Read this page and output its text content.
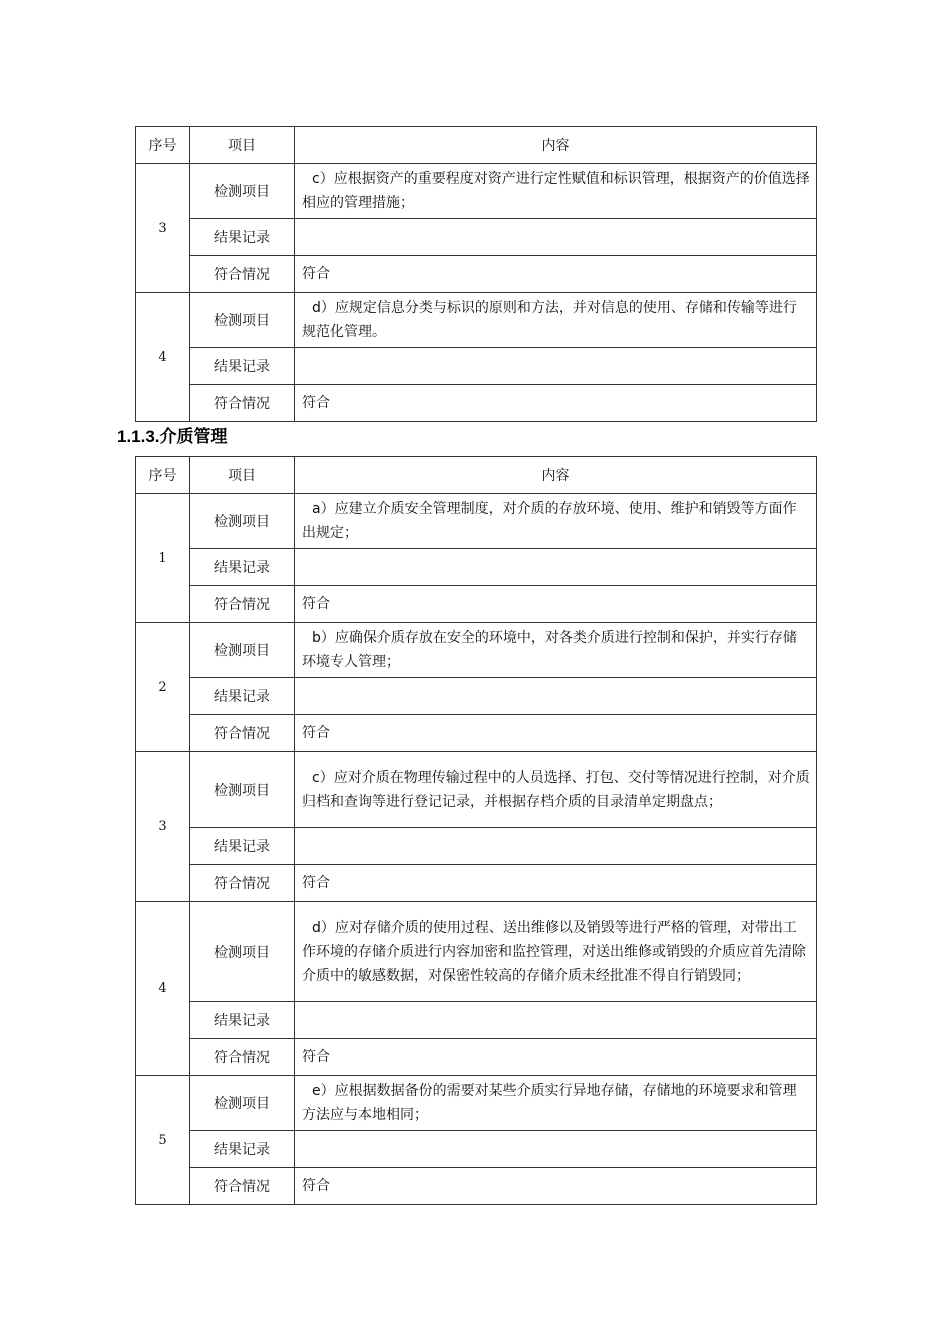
序号	项目	内容
3	检测项目	c）应根据资产的重要程度对资产进行定性赋值和标识管理，根据资产的价值选择相应的管理措施；
	结果记录	
	符合情况	符合
4	检测项目	d）应规定信息分类与标识的原则和方法，并对信息的使用、存储和传输等进行规范化管理。
	结果记录	
	符合情况	符合
1.1.3.介质管理
序号	项目	内容
1	检测项目	a）应建立介质安全管理制度，对介质的存放环境、使用、维护和销毁等方面作出规定；
	结果记录	
	符合情况	符合
2	检测项目	b）应确保介质存放在安全的环境中，对各类介质进行控制和保护，并实行存储环境专人管理；
	结果记录	
	符合情况	符合
3	检测项目	c）应对介质在物理传输过程中的人员选择、打包、交付等情况进行控制，对介质归档和查询等进行登记记录，并根据存档介质的目录清单定期盘点；
	结果记录	
	符合情况	符合
4	检测项目	d）应对存储介质的使用过程、送出维修以及销毁等进行严格的管理，对带出工作环境的存储介质进行内容加密和监控管理，对送出维修或销毁的介质应首先清除介质中的敏感数据，对保密性较高的存储介质未经批准不得自行销毁同；
	结果记录	
	符合情况	符合
5	检测项目	e）应根据数据备份的需要对某些介质实行异地存储，存储地的环境要求和管理方法应与本地相同；
	结果记录	
	符合情况	符合
